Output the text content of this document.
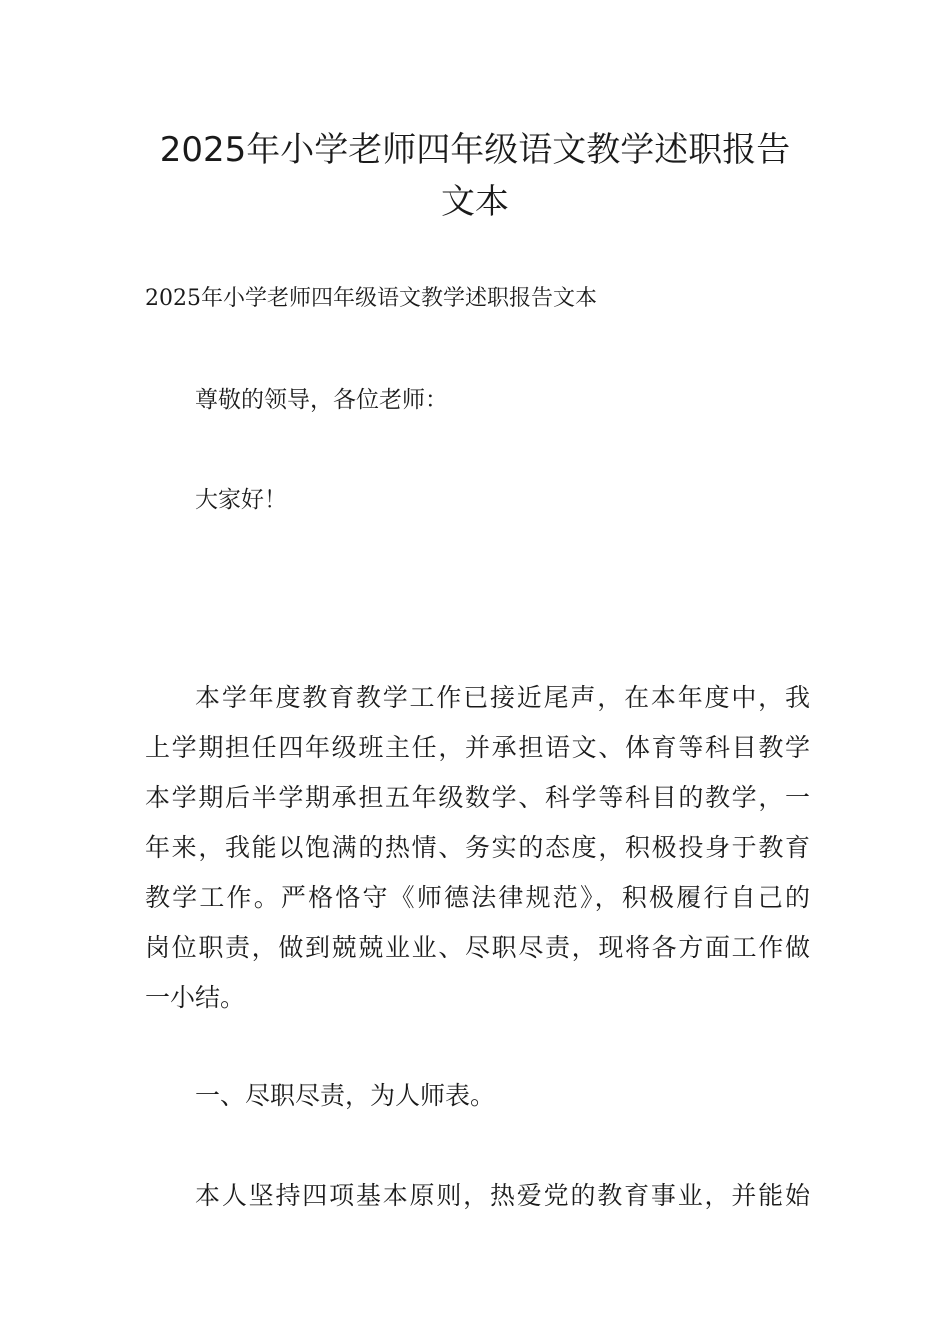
2025年小学老师四年级语文教学述职报告
文本

2025年小学老师四年级语文教学述职报告文本

尊敬的领导，各位老师：

大家好！

本学年度教育教学工作已接近尾声，在本年度中，我
上学期担任四年级班主任，并承担语文、体育等科目教学
本学期后半学期承担五年级数学、科学等科目的教学，一
年来，我能以饱满的热情、务实的态度，积极投身于教育
教学工作。严格恪守《师德法律规范》，积极履行自己的
岗位职责，做到兢兢业业、尽职尽责，现将各方面工作做
一小结。

一、尽职尽责，为人师表。

本人坚持四项基本原则，热爱党的教育事业，并能始
